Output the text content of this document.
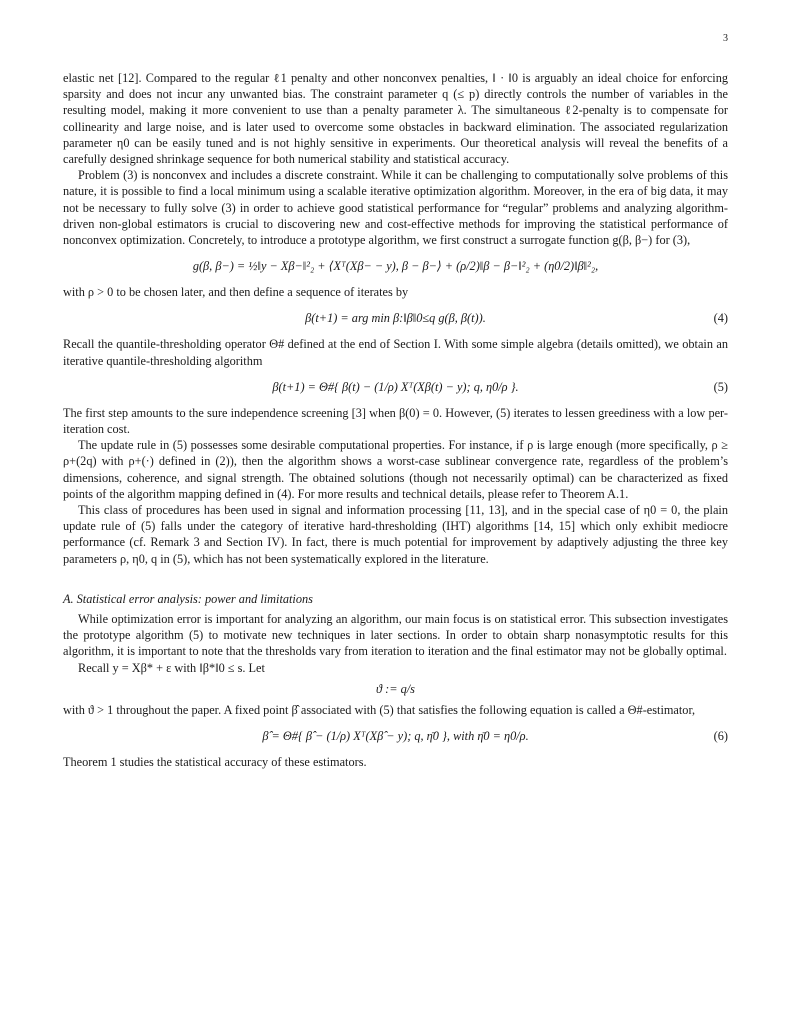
3

elastic net [12]. Compared to the regular ℓ1 penalty and other nonconvex penalties, ‖ · ‖0 is arguably an ideal choice for enforcing sparsity and does not incur any unwanted bias. The constraint parameter q (≤ p) directly controls the number of variables in the resulting model, making it more convenient to use than a penalty parameter λ. The simultaneous ℓ2-penalty is to compensate for collinearity and large noise, and is later used to overcome some obstacles in backward elimination. The associated regularization parameter η0 can be easily tuned and is not highly sensitive in experiments. Our theoretical analysis will reveal the benefits of a carefully designed shrinkage sequence for both numerical stability and statistical accuracy.

Problem (3) is nonconvex and includes a discrete constraint. While it can be challenging to computationally solve problems of this nature, it is possible to find a local minimum using a scalable iterative optimization algorithm. Moreover, in the era of big data, it may not be necessary to fully solve (3) in order to achieve good statistical performance for “regular” problems and analyzing algorithm-driven non-global estimators is crucial to discovering new and cost-effective methods for improving the statistical performance of nonconvex optimization. Concretely, to introduce a prototype algorithm, we first construct a surrogate function g(β, β−) for (3),

g(β, β−) = ½‖y − Xβ−‖²₂ + ⟨Xᵀ(Xβ− − y), β − β−⟩ + (ρ/2)‖β − β−‖²₂ + (η0/2)‖β‖²₂,

with ρ > 0 to be chosen later, and then define a sequence of iterates by

β(t+1) = arg min β:‖β‖0≤q g(β, β(t)).	(4)

Recall the quantile-thresholding operator Θ# defined at the end of Section I. With some simple algebra (details omitted), we obtain an iterative quantile-thresholding algorithm

β(t+1) = Θ#{ β(t) − (1/ρ) Xᵀ(Xβ(t) − y); q, η0/ρ }.	(5)

The first step amounts to the sure independence screening [3] when β(0) = 0. However, (5) iterates to lessen greediness with a low per-iteration cost.

The update rule in (5) possesses some desirable computational properties. For instance, if ρ is large enough (more specifically, ρ ≥ ρ+(2q) with ρ+(·) defined in (2)), then the algorithm shows a worst-case sublinear convergence rate, regardless of the problem’s dimensions, coherence, and signal strength. The obtained solutions (though not necessarily optimal) can be characterized as fixed points of the algorithm mapping defined in (4). For more results and technical details, please refer to Theorem A.1.

This class of procedures has been used in signal and information processing [11, 13], and in the special case of η0 = 0, the plain update rule of (5) falls under the category of iterative hard-thresholding (IHT) algorithms [14, 15] which only exhibit mediocre performance (cf. Remark 3 and Section IV). In fact, there is much potential for improvement by adaptively adjusting the three key parameters ρ, η0, q in (5), which has not been systematically explored in the literature.

A. Statistical error analysis: power and limitations

While optimization error is important for analyzing an algorithm, our main focus is on statistical error. This subsection investigates the prototype algorithm (5) to motivate new techniques in later sections. In order to obtain sharp nonasymptotic results for this algorithm, it is important to note that the thresholds vary from iteration to iteration and the final estimator may not be globally optimal.

Recall y = Xβ* + ε with ‖β*‖0 ≤ s. Let

ϑ := q/s

with ϑ > 1 throughout the paper. A fixed point β̂ associated with (5) that satisfies the following equation is called a Θ#-estimator,

β̂ = Θ#{ β̂ − (1/ρ) Xᵀ(Xβ̂ − y); q, η̄0 }, with η̄0 = η0/ρ.	(6)

Theorem 1 studies the statistical accuracy of these estimators.
